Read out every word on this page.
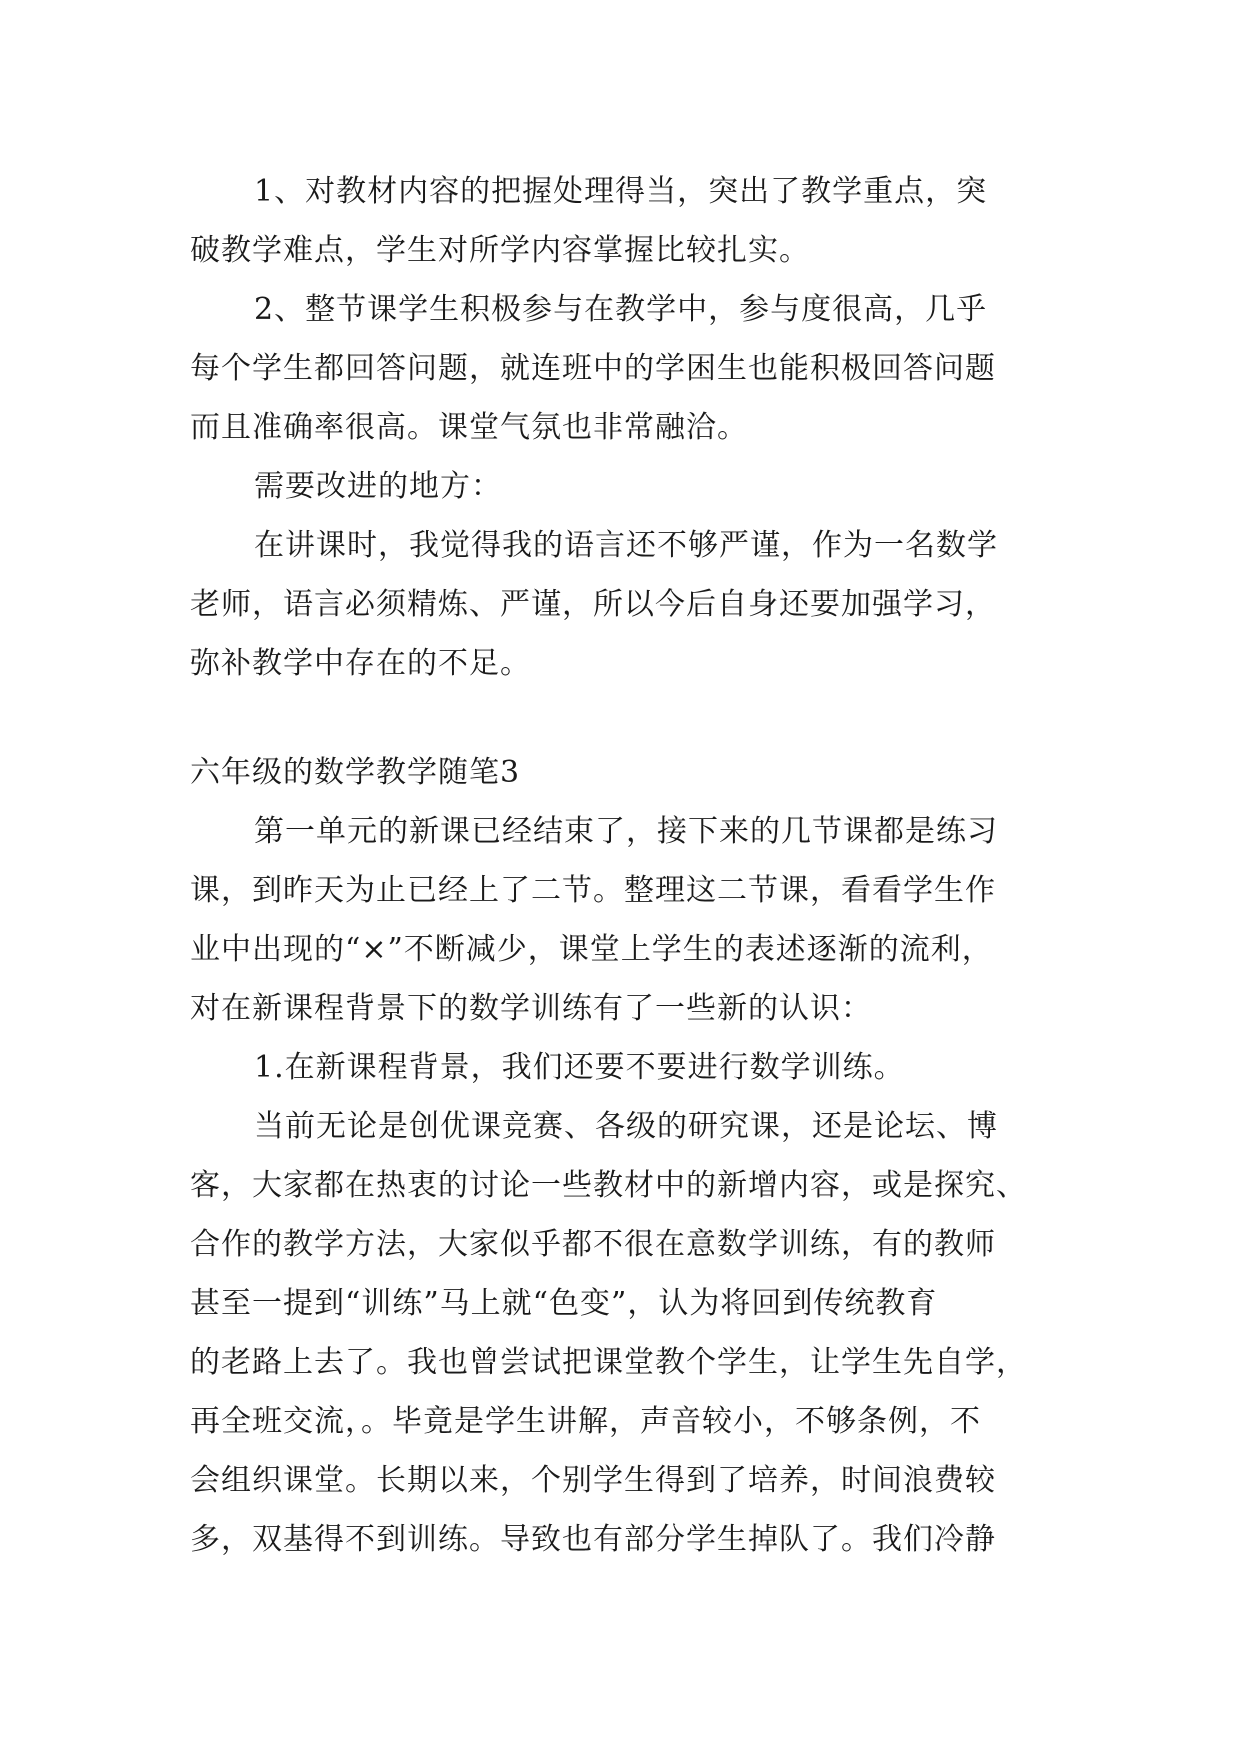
1、对教材内容的把握处理得当，突出了教学重点，突
破教学难点，学生对所学内容掌握比较扎实。

2、整节课学生积极参与在教学中，参与度很高，几乎
每个学生都回答问题，就连班中的学困生也能积极回答问题
而且准确率很高。课堂气氛也非常融洽。

需要改进的地方：

在讲课时，我觉得我的语言还不够严谨，作为一名数学
老师，语言必须精炼、严谨，所以今后自身还要加强学习，
弥补教学中存在的不足。

六年级的数学教学随笔3

第一单元的新课已经结束了，接下来的几节课都是练习
课，到昨天为止已经上了二节。整理这二节课，看看学生作
业中出现的“×”不断减少，课堂上学生的表述逐渐的流利，
对在新课程背景下的数学训练有了一些新的认识：

1.在新课程背景，我们还要不要进行数学训练。

当前无论是创优课竞赛、各级的研究课，还是论坛、博
客，大家都在热衷的讨论一些教材中的新增内容，或是探究、
合作的教学方法，大家似乎都不很在意数学训练，有的教师
甚至一提到“训练”马上就“色变”，认为将回到传统教育
的老路上去了。我也曾尝试把课堂教个学生，让学生先自学，
再全班交流，。毕竟是学生讲解，声音较小，不够条例，不
会组织课堂。长期以来，个别学生得到了培养，时间浪费较
多，双基得不到训练。导致也有部分学生掉队了。我们冷静
